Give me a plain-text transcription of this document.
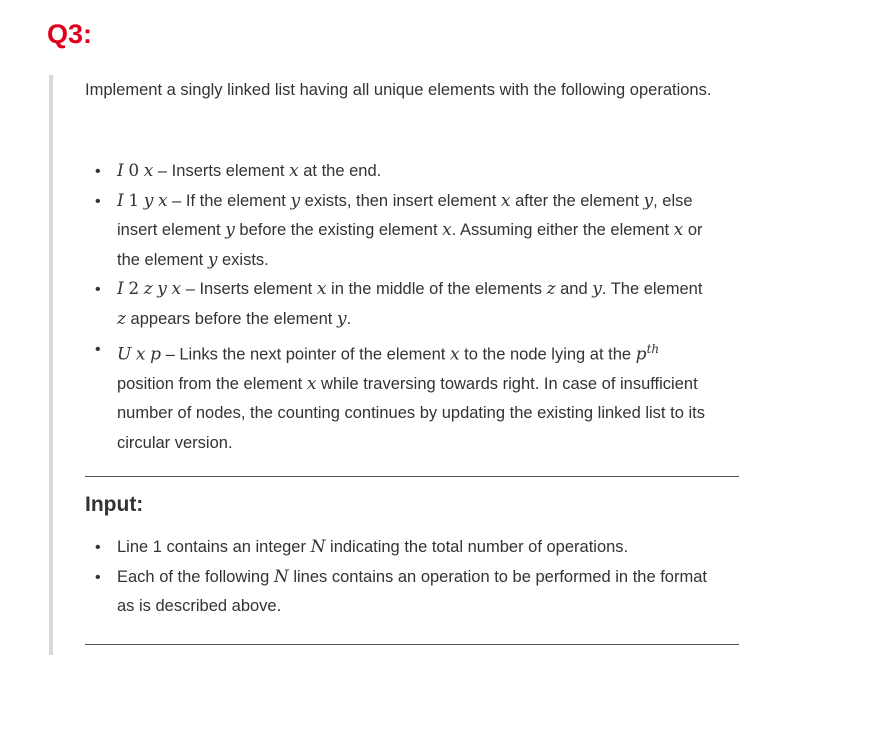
Q3:

Implement a singly linked list having all unique elements with the following operations.

• I 0 x – Inserts element x at the end.
• I 1 y x – If the element y exists, then insert element x after the element y, else insert element y before the existing element x. Assuming either the element x or the element y exists.
• I 2 z y x – Inserts element x in the middle of the elements z and y. The element z appears before the element y.
• U x p – Links the next pointer of the element x to the node lying at the $p^{th}$ position from the element x while traversing towards right. In case of insufficient number of nodes, the counting continues by updating the existing linked list to its circular version.
Input:
• Line 1 contains an integer N indicating the total number of operations.
• Each of the following N lines contains an operation to be performed in the format as is described above.
